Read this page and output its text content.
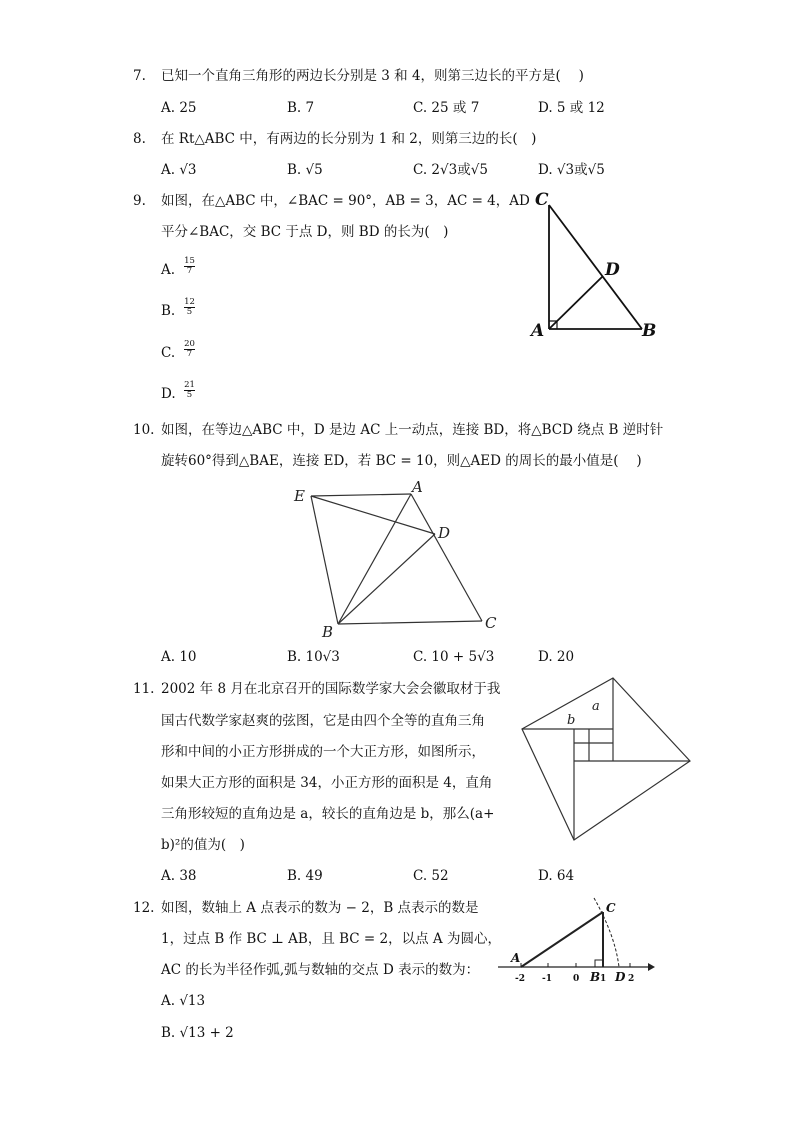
7. 已知一个直角三角形的两边长分别是 3 和 4，则第三边长的平方是(　 )
A. 25	B. 7	C. 25 或 7	D. 5 或 12
8. 在 Rt△ABC 中，有两边的长分别为 1 和 2，则第三边的长(　)
A. √3	B. √5	C. 2√3或√5	D. √3或√5
9. 如图，在△ABC 中，∠BAC = 90°，AB = 3，AC = 4，AD
平分∠BAC，交 BC 于点 D，则 BD 的长为(　)
A.
15
7
B.
12
5
C.
20
7
D.
21
5
C
D
A	B
10. 如图，在等边△ABC 中，D 是边 AC 上一动点，连接 BD，将△BCD 绕点 B 逆时针
旋转60°得到△BAE，连接 ED，若 BC = 10，则△AED 的周长的最小值是(　 )
E	A
D
B	C
A. 10	B. 10√3	C. 10 + 5√3	D. 20
11. 2002 年 8 月在北京召开的国际数学家大会会徽取材于我
国古代数学家赵爽的弦图，它是由四个全等的直角三角
形和中间的小正方形拼成的一个大正方形，如图所示，
如果大正方形的面积是 34，小正方形的面积是 4，直角
三角形较短的直角边是 a，较长的直角边是 b，那么(a+
b)²的值为(　)
a
b
A. 38	B. 49	C. 52	D. 64
12. 如图，数轴上 A 点表示的数为 − 2，B 点表示的数是
1，过点 B 作 BC ⊥ AB，且 BC = 2，以点 A 为圆心，
AC 的长为半径作弧,弧与数轴的交点 D 表示的数为：
A. √13
B. √13 + 2
A
C
B D
-2 -1 0 1 2
